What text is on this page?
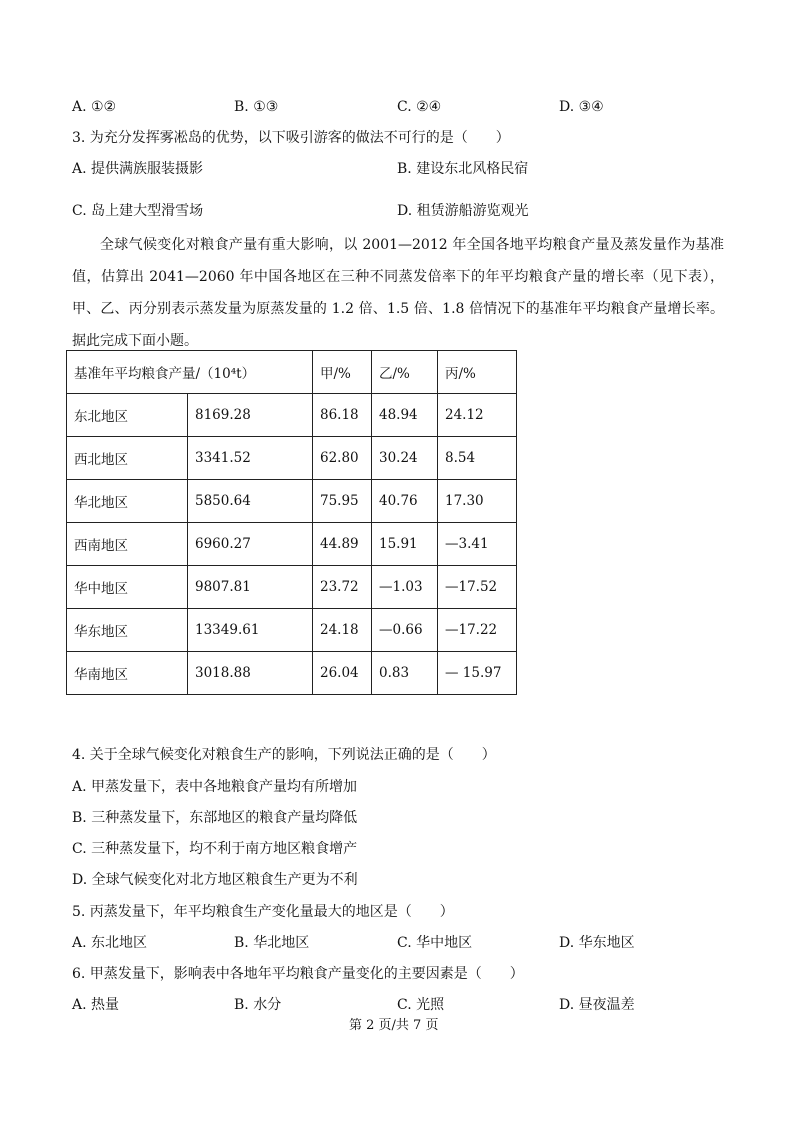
A. ①②	B. ①③	C. ②④	D. ③④
3. 为充分发挥雾凇岛的优势，以下吸引游客的做法不可行的是（　　）
A. 提供满族服装摄影	B. 建设东北风格民宿
C. 岛上建大型滑雪场	D. 租赁游船游览观光
全球气候变化对粮食产量有重大影响，以 2001—2012 年全国各地平均粮食产量及蒸发量作为基准值，估算出 2041—2060 年中国各地区在三种不同蒸发倍率下的年平均粮食产量的增长率（见下表），甲、乙、丙分别表示蒸发量为原蒸发量的 1.2 倍、1.5 倍、1.8 倍情况下的基准年平均粮食产量增长率。据此完成下面小题。
基准年平均粮食产量/（10⁴t）		甲/%	乙/%	丙/%
东北地区	8169.28	86.18	48.94	24.12
西北地区	3341.52	62.80	30.24	8.54
华北地区	5850.64	75.95	40.76	17.30
西南地区	6960.27	44.89	15.91	—3.41
华中地区	9807.81	23.72	—1.03	—17.52
华东地区	13349.61	24.18	—0.66	—17.22
华南地区	3018.88	26.04	0.83	— 15.97
4. 关于全球气候变化对粮食生产的影响，下列说法正确的是（　　）
A. 甲蒸发量下，表中各地粮食产量均有所增加
B. 三种蒸发量下，东部地区的粮食产量均降低
C. 三种蒸发量下，均不利于南方地区粮食增产
D. 全球气候变化对北方地区粮食生产更为不利
5. 丙蒸发量下，年平均粮食生产变化量最大的地区是（　　）
A. 东北地区	B. 华北地区	C. 华中地区	D. 华东地区
6. 甲蒸发量下，影响表中各地年平均粮食产量变化的主要因素是（　　）
A. 热量	B. 水分	C. 光照	D. 昼夜温差
第 2 页/共 7 页
